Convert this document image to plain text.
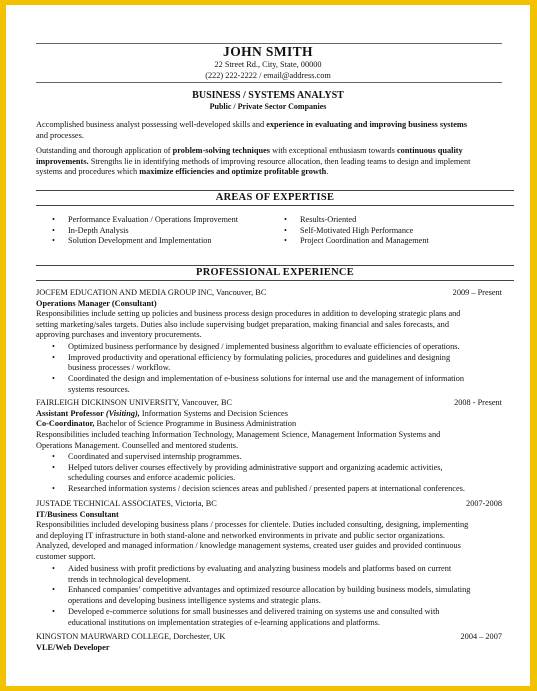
JOHN SMITH
22 Street Rd., City, State, 00000
(222) 222-2222 / email@address.com
BUSINESS / SYSTEMS ANALYST
Public / Private Sector Companies
Accomplished business analyst possessing well-developed skills and experience in evaluating and improving business systems
and processes.
Outstanding and thorough application of problem-solving techniques with exceptional enthusiasm towards continuous quality
improvements. Strengths lie in identifying methods of improving resource allocation, then leading teams to design and implement
systems and procedures which maximize efficiencies and optimize profitable growth.
AREAS OF EXPERTISE
• Performance Evaluation / Operations Improvement
• In-Depth Analysis
• Solution Development and Implementation
• Results-Oriented
• Self-Motivated High Performance
• Project Coordination and Management
PROFESSIONAL EXPERIENCE
JOCFEM EDUCATION AND MEDIA GROUP INC, Vancouver, BC	2009 – Present
Operations Manager (Consultant)
Responsibilities include setting up policies and business process design procedures in addition to developing strategic plans and
setting marketing/sales targets. Duties also include supervising budget preparation, making financial and sales forecasts, and
approving purchases and inventory procurements.
• Optimized business performance by designed / implemented business algorithm to evaluate efficiencies of operations.
• Improved productivity and operational efficiency by formulating policies, procedures and guidelines and designing
business processes / workflow.
• Coordinated the design and implementation of e-business solutions for internal use and the management of information
systems resources.
FAIRLEIGH DICKINSON UNIVERSITY, Vancouver, BC	2008 - Present
Assistant Professor (Visiting), Information Systems and Decision Sciences
Co-Coordinator, Bachelor of Science Programme in Business Administration
Responsibilities included teaching Information Technology, Management Science, Management Information Systems and
Operations Management. Counselled and mentored students.
• Coordinated and supervised internship programmes.
• Helped tutors deliver courses effectively by providing administrative support and organizing academic activities,
scheduling courses and enforce academic policies.
• Researched information systems / decision sciences areas and published / presented papers at international conferences.
JUSTADE TECHNICAL ASSOCIATES, Victoria, BC	2007-2008
IT/Business Consultant
Responsibilities included developing business plans / processes for clientele. Duties included consulting, designing, implementing
and deploying IT infrastructure in both stand-alone and networked environments in private and public sector organizations.
Analyzed, developed and managed information / knowledge management systems, created user guides and provided continuous
customer support.
• Aided business with profit predictions by evaluating and analyzing business models and platforms based on current
trends in technological development.
• Enhanced companies’ competitive advantages and optimized resource allocation by building business models, simulating
operations and developing business intelligence systems and strategic plans.
• Developed e-commerce solutions for small businesses and delivered training on systems use and consulted with
educational institutions on implementation strategies of e-learning applications and platforms.
KINGSTON MAURWARD COLLEGE, Dorchester, UK	2004 – 2007
VLE/Web Developer
